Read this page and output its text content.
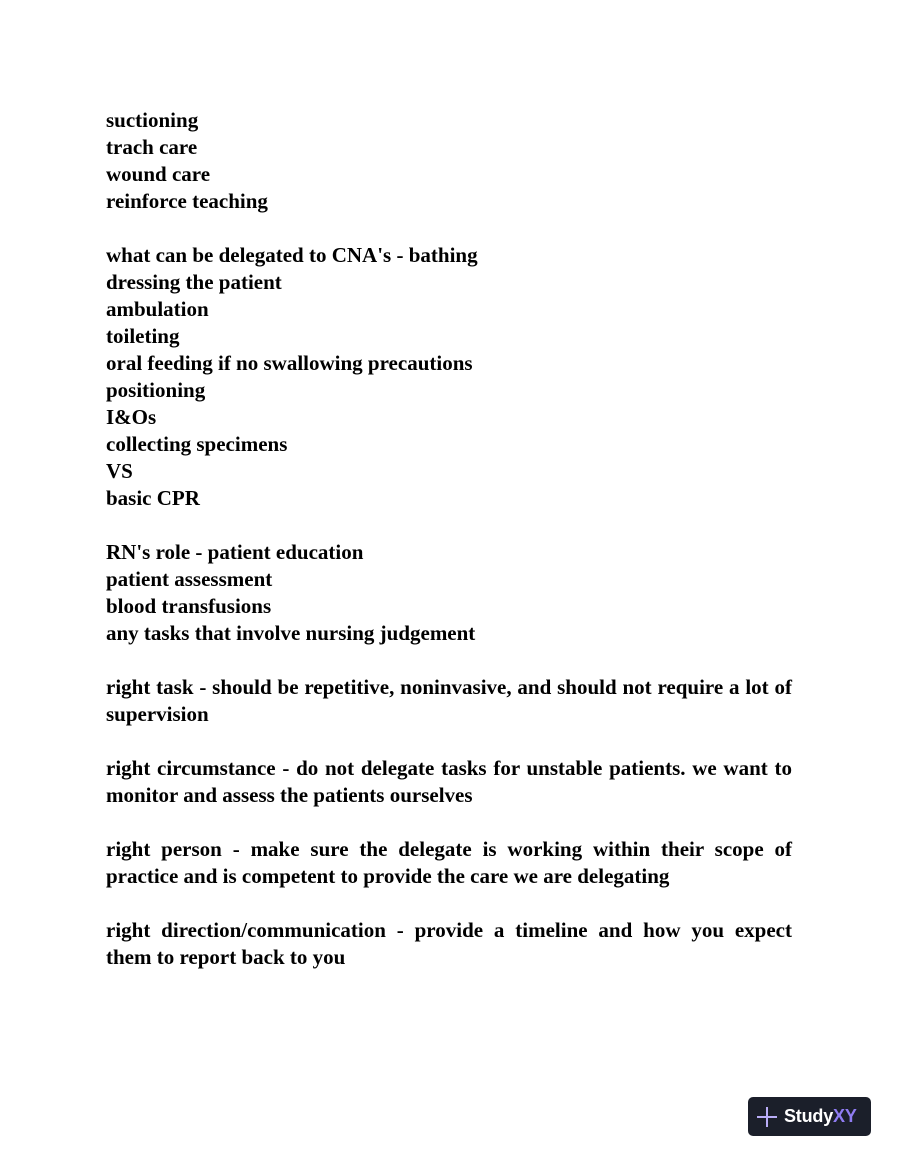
suctioning
trach care
wound care
reinforce teaching
what can be delegated to CNA's - bathing
dressing the patient
ambulation
toileting
oral feeding if no swallowing precautions
positioning
I&Os
collecting specimens
VS
basic CPR
RN's role - patient education
patient assessment
blood transfusions
any tasks that involve nursing judgement
right task - should be repetitive, noninvasive, and should not require a lot of supervision
right circumstance - do not delegate tasks for unstable patients. we want to monitor and assess the patients ourselves
right person - make sure the delegate is working within their scope of practice and is competent to provide the care we are delegating
right direction/communication - provide a timeline and how you expect them to report back to you
StudyXY
